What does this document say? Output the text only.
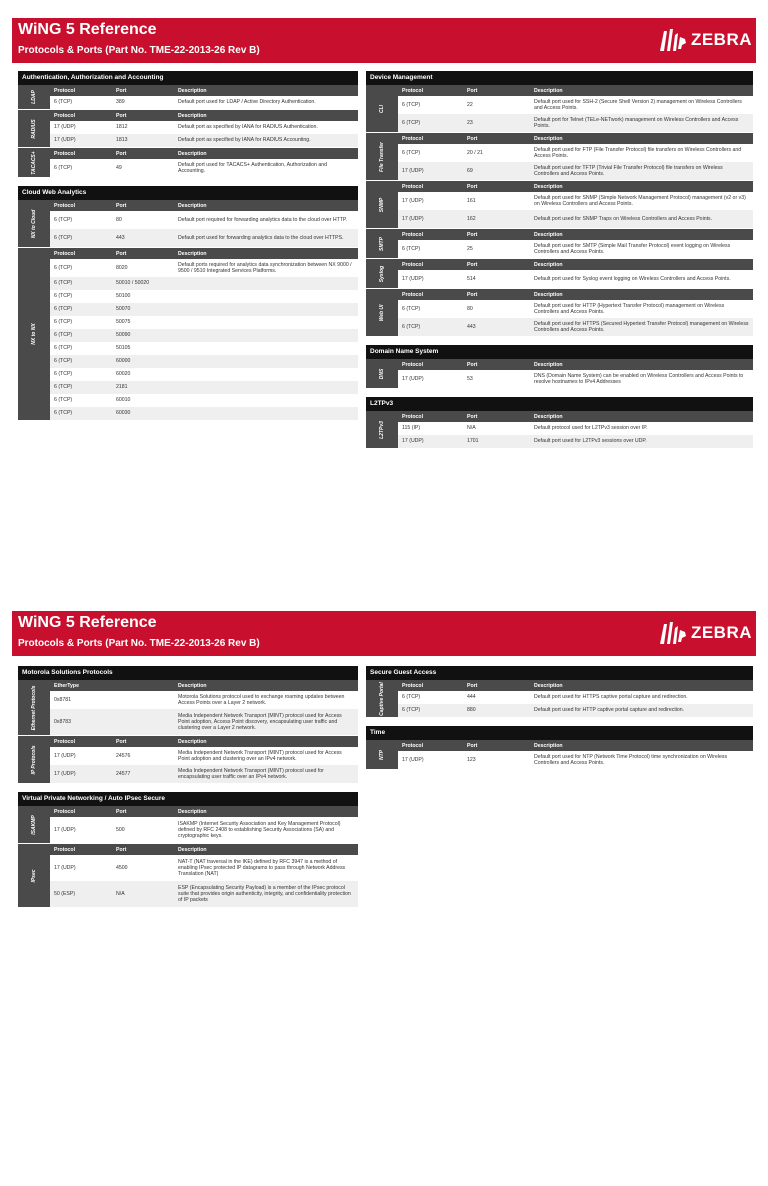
WiNG 5 Reference
Protocols & Ports (Part No. TME-22-2013-26 Rev B)
ZEBRA
Authentication, Authorization and Accounting
LDAP	Protocol	Port	Description
6 (TCP)	389	Default port used for LDAP / Active Directory Authentication.
RADIUS
Protocol	Port	Description
17 (UDP)	1812	Default port as specified by IANA for RADIUS Authentication.
17 (UDP)	1813	Default port as specified by IANA for RADIUS Accounting.
TACACS+	Protocol	Port	Description
6 (TCP)	49	Default port used for TACACS+ Authentication, Authorization and Accounting.
Cloud Web Analytics
NX to Cloud
Protocol	Port	Description
6 (TCP)	80	Default port required for forwarding analytics data to the cloud over HTTP.
6 (TCP)	443	Default port used for forwarding analytics data to the cloud over HTTPS.
NX to NX
Protocol	Port	Description
6 (TCP)	8020	Default ports required for analytics data synchronization between NX 9000 / 9500 / 9510 Integrated Services Platforms.
6 (TCP)	50010 / 50020	
6 (TCP)	50100	
6 (TCP)	50070	
6 (TCP)	50075	
6 (TCP)	50090	
6 (TCP)	50105	
6 (TCP)	60000	
6 (TCP)	60020	
6 (TCP)	2181	
6 (TCP)	60010	
6 (TCP)	60030	
Device Management
CLI
Protocol	Port	Description
6 (TCP)	22	Default port used for SSH-2 (Secure Shell Version 2) management on Wireless Controllers and Access Points.
6 (TCP)	23	Default port for Telnet (TELe-NETwork) management on Wireless Controllers and Access Points.
File Transfer
Protocol	Port	Description
6 (TCP)	20 / 21	Default port used for FTP (File Transfer Protocol) file transfers on Wireless Controllers and Access Points.
17 (UDP)	69	Default port used for TFTP (Trivial File Transfer Protocol) file transfers on Wireless Controllers and Access Points.
SNMP
Protocol	Port	Description
17 (UDP)	161	Default port used for SNMP (Simple Network Management Protocol) management (v2 or v3) on Wireless Controllers and Access Points.
17 (UDP)	162	Default port used for SNMP Traps on Wireless Controllers and Access Points.
SMTP
Protocol	Port	Description
6 (TCP)	25	Default port used for SMTP (Simple Mail Transfer Protocol) event logging on Wireless Controllers and Access Points.
Syslog
Protocol	Port	Description
17 (UDP)	514	Default port used for Syslog event logging on Wireless Controllers and Access Points.
Web UI
Protocol	Port	Description
6 (TCP)	80	Default port used for HTTP (Hypertext Transfer Protocol) management on Wireless Controllers and Access Points.
6 (TCP)	443	Default port used for HTTPS (Secured Hypertext Transfer Protocol) management on Wireless Controllers and Access Points.
Domain Name System
DNS
Protocol	Port	Description
17 (UDP)	53	DNS (Domain Name System) can be enabled on Wireless Controllers and Access Points to resolve hostnames to IPv4 Addresses
L2TPv3
L2TPv3
Protocol	Port	Description
115 (IP)	N/A	Default protocol used for L2TPv3 session over IP.
17 (UDP)	1701	Default port used for L2TPv3 sessions over UDP.
WiNG 5 Reference
Protocols & Ports (Part No. TME-22-2013-26 Rev B)
ZEBRA
Motorola Solutions Protocols
Ethernet Protocols	EtherType		Description
0x8781		Motorola Solutions protocol used to exchange roaming updates between Access Points over a Layer 2 network.
0x8783		Media Independent Network Transport (MINT) protocol used for Access Point adoption, Access Point discovery, encapsulating user traffic and clustering over a Layer 2 network.
IP Protocols
Protocol	Port	Description
17 (UDP)	24576	Media Independent Network Transport (MINT) protocol used for Access Point adoption and clustering over an IPv4 network.
17 (UDP)	24577	Media Independent Network Transport (MINT) protocol used for encapsulating user traffic over an IPv4 network.
Virtual Private Networking / Auto IPsec Secure
ISAKMP
Protocol	Port	Description
17 (UDP)	500	ISAKMP (Internet Security Association and Key Management Protocol) defined by RFC 2408 to establishing Security Associations (SA) and cryptographic keys.
IPsec
Protocol	Port	Description
17 (UDP)	4500	NAT-T (NAT traversal in the IKE) defined by RFC 3947 is a method of enabling IPsec protected IP datagrams to pass through Network Address Translation (NAT)
50 (ESP)	N/A	ESP (Encapsulating Security Payload) is a member of the IPsec protocol suite that provides origin authenticity, integrity, and confidentiality protection of IP packets
Secure Guest Access
Captive Portal	Protocol	Port	Description
6 (TCP)	444	Default port used for HTTPS captive portal capture and redirection.
6 (TCP)	880	Default port used for HTTP captive portal capture and redirection.
Time
NTP
Protocol	Port	Description
17 (UDP)	123	Default port used for NTP (Network Time Protocol) time synchronization on Wireless Controllers and Access Points.
